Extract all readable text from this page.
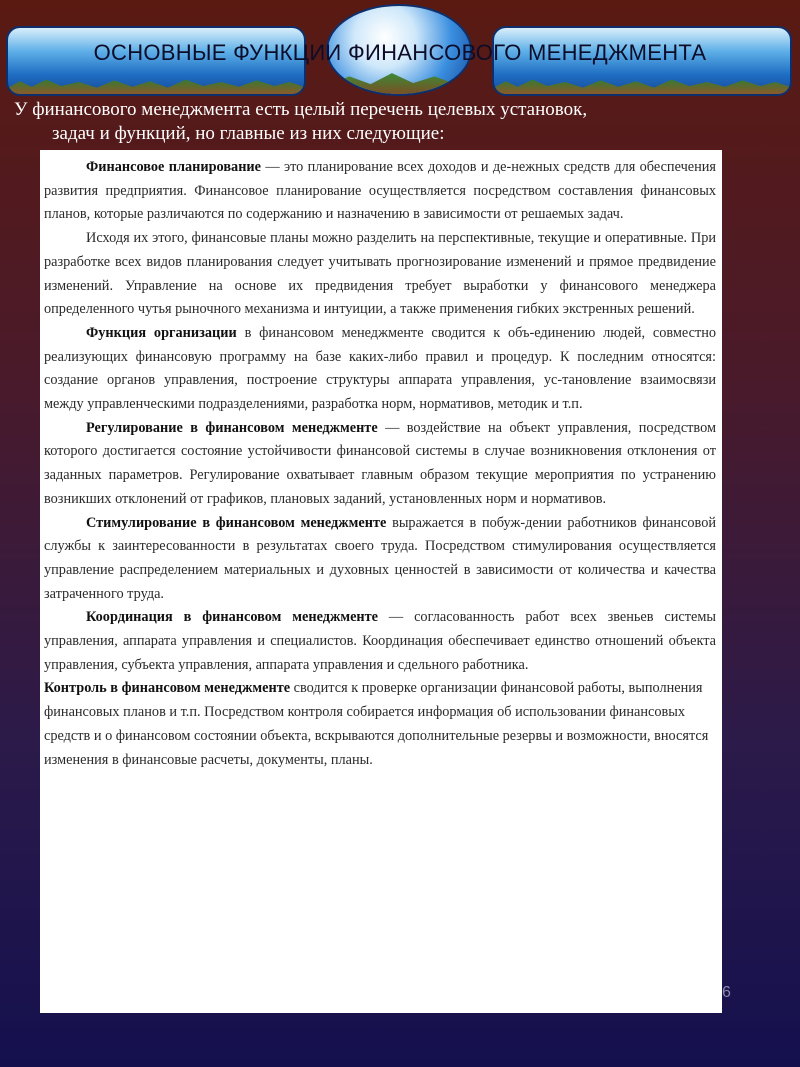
ОСНОВНЫЕ ФУНКЦИИ ФИНАНСОВОГО МЕНЕДЖМЕНТА
У финансового менеджмента есть целый перечень целевых установок,
задач и функций, но главные из них следующие:

Финансовое планирование — это планирование всех доходов и де-нежных средств для обеспечения развития предприятия. Финансовое планирование осуществляется посредством составления финансовых планов, которые различаются по содержанию и назначению в зависимости от решаемых задач.

Исходя их этого, финансовые планы можно разделить на перспективные, текущие и оперативные. При разработке всех видов планирования следует учитывать прогнозирование изменений и прямое предвидение изменений. Управление на основе их предвидения требует выработки у финансового менеджера определенного чутья рыночного механизма и интуиции, а также применения гибких экстренных решений.

Функция организации в финансовом менеджменте сводится к объ-единению людей, совместно реализующих финансовую программу на базе каких-либо правил и процедур. К последним относятся: создание органов управления, построение структуры аппарата управления, ус-тановление взаимосвязи между управленческими подразделениями, разработка норм, нормативов, методик и т.п.

Регулирование в финансовом менеджменте — воздействие на объект управления, посредством которого достигается состояние устойчивости финансовой системы в случае возникновения отклонения от заданных параметров. Регулирование охватывает главным образом текущие мероприятия по устранению возникших отклонений от графиков, плановых заданий, установленных норм и нормативов.

Стимулирование в финансовом менеджменте выражается в побуж-дении работников финансовой службы к заинтересованности в результатах своего труда. Посредством стимулирования осуществляется управление распределением материальных и духовных ценностей в зависимости от количества и качества затраченного труда.

Координация в финансовом менеджменте — согласованность работ всех звеньев системы управления, аппарата управления и специалистов. Координация обеспечивает единство отношений объекта управления, субъекта управления, аппарата управления и сдельного работника.

Контроль в финансовом менеджменте сводится к проверке организации финансовой работы, выполнения финансовых планов и т.п. Посредством контроля собирается информация об использовании финансовых средств и о финансовом состоянии объекта, вскрываются дополнительные резервы и возможности, вносятся изменения в финансовые расчеты, документы, планы.

6
